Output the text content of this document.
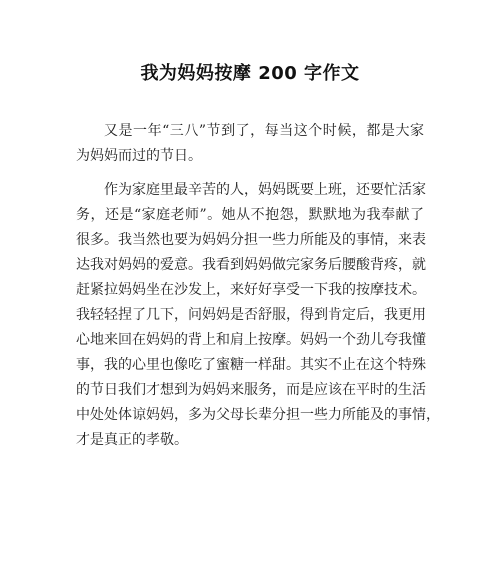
我为妈妈按摩 200 字作文
又是一年“三八”节到了，每当这个时候，都是大家
为妈妈而过的节日。
作为家庭里最辛苦的人，妈妈既要上班，还要忙活家
务，还是“家庭老师”。她从不抱怨，默默地为我奉献了
很多。我当然也要为妈妈分担一些力所能及的事情，来表
达我对妈妈的爱意。我看到妈妈做完家务后腰酸背疼，就
赶紧拉妈妈坐在沙发上，来好好享受一下我的按摩技术。
我轻轻捏了几下，问妈妈是否舒服，得到肯定后，我更用
心地来回在妈妈的背上和肩上按摩。妈妈一个劲儿夸我懂
事，我的心里也像吃了蜜糖一样甜。其实不止在这个特殊
的节日我们才想到为妈妈来服务，而是应该在平时的生活
中处处体谅妈妈，多为父母长辈分担一些力所能及的事情，
才是真正的孝敬。
